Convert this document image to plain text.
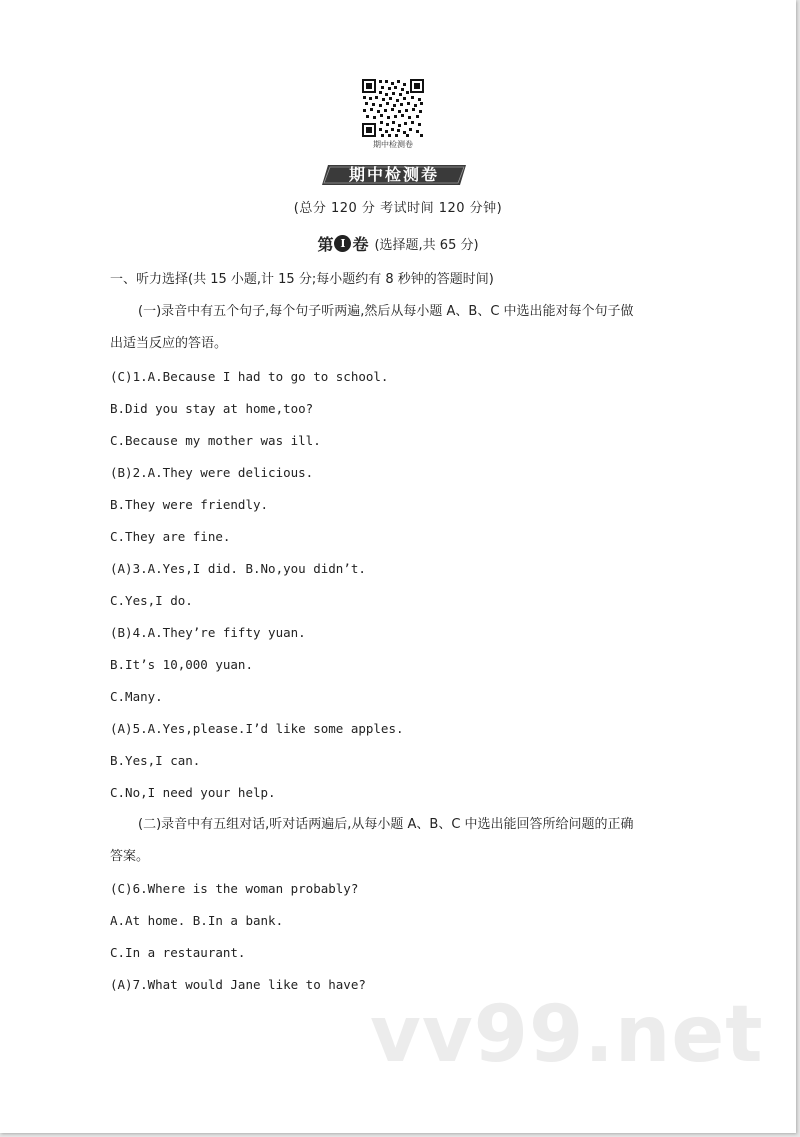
期中检测卷
期中检测卷
(总分 120 分 考试时间 120 分钟)
第 Ⅰ 卷 (选择题,共 65 分)
一、听力选择(共 15 小题,计 15 分;每小题约有 8 秒钟的答题时间)
(一)录音中有五个句子,每个句子听两遍,然后从每小题 A、B、C 中选出能对每个句子做
出适当反应的答语。
(C)1.A.Because I had to go to school.
B.Did you stay at home,too?
C.Because my mother was ill.
(B)2.A.They were delicious.
B.They were friendly.
C.They are fine.
(A)3.A.Yes,I did. B.No,you didn’t.
C.Yes,I do.
(B)4.A.They’re fifty yuan.
B.It’s 10,000 yuan.
C.Many.
(A)5.A.Yes,please.I’d like some apples.
B.Yes,I can.
C.No,I need your help.
(二)录音中有五组对话,听对话两遍后,从每小题 A、B、C 中选出能回答所给问题的正确
答案。
(C)6.Where is the woman probably?
A.At home. B.In a bank.
C.In a restaurant.
(A)7.What would Jane like to have?
vv99.net
